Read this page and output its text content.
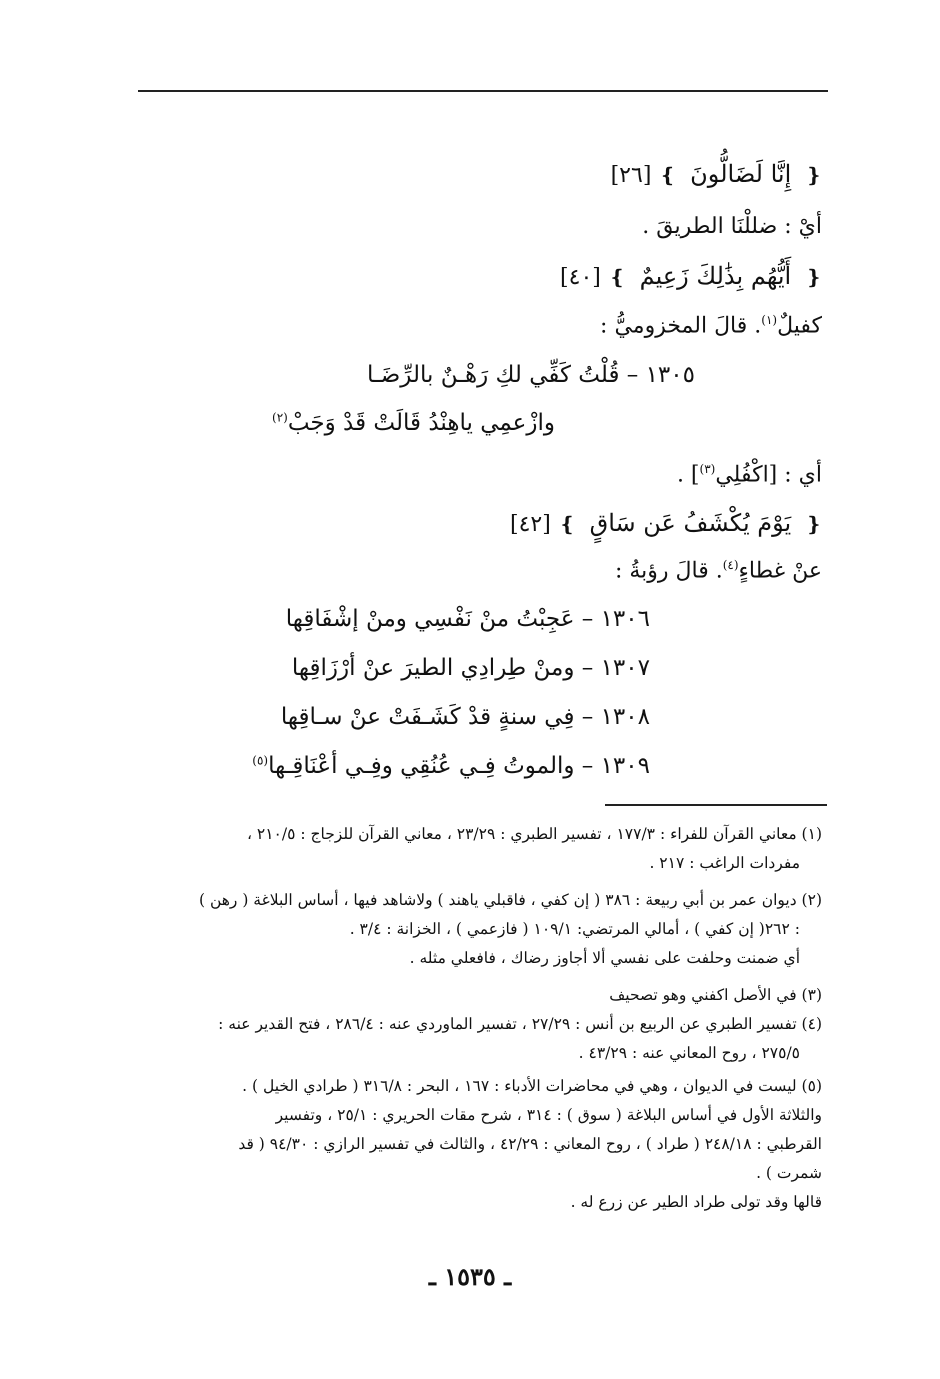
❴إِنَّا لَضَالُّونَ❵[٢٦]
أيْ : ضللْنَا الطريقَ .
❴أَيُّهُم بِذَٰلِكَ زَعِيمٌ❵[٤٠]
كفيلٌ$^{(١)}$. قالَ المخزوميُّ :
١٣٠٥ – قُلْتُ كَفِّي لكِ رَهْـنٌ بالرِّضَـا
وازْعمِي ياهِنْدُ قَالَتْ قَدْ وَجَبْ$^{(٢)}$
أي : [اكْفُلِي$^{(٣)}$] .
❴يَوْمَ يُكْشَفُ عَن سَاقٍ❵[٤٢]
عنْ غطاءٍ$^{(٤)}$. قالَ رؤبةُ :
١٣٠٦ – عَجِبْتُ منْ نَفْسِي ومنْ إشْفَاقِها
١٣٠٧ – ومنْ طِرادِي الطيرَ عنْ أرْزَاقِها
١٣٠٨ – فِي سنةٍ قدْ كَشَـفَتْ عنْ سـاقِها
١٣٠٩ – والموتُ فِـي عُنُقِي وفِـي أعْنَاقِـها$^{(٥)}$
(١) معاني القرآن للفراء : ١٧٧/٣ ، تفسير الطبري : ٢٣/٢٩ ، معاني القرآن للزجاج : ٢١٠/٥ ،
مفردات الراغب : ٢١٧ .
(٢) ديوان عمر بن أبي ربيعة : ٣٨٦ ( إن كفي ، فاقبلي ياهند ) ولاشاهد فيها ، أساس البلاغة ( رهن )
: ٢٦٢( إن كفي ) ، أمالي المرتضي: ١٠٩/١ ( فازعمي ) ، الخزانة : ٣/٤ .
أي ضمنت وحلفت على نفسي ألا أجاوز رضاك ، فافعلي مثله .
(٣) في الأصل اكفني وهو تصحيف
(٤) تفسير الطبري عن الربيع بن أنس : ٢٧/٢٩ ، تفسير الماوردي عنه : ٢٨٦/٤ ، فتح القدير عنه :
٢٧٥/٥ ، روح المعاني عنه : ٤٣/٢٩ .
(٥) ليست في الديوان ، وهي في محاضرات الأدباء : ١٦٧ ، البحر : ٣١٦/٨ ( طرادي الخيل ) .
والثلاثة الأول في أساس البلاغة ( سوق ) : ٣١٤ ، شرح مقات الحريري : ٢٥/١ ، وتفسير
القرطبي : ٢٤٨/١٨ ( طراد ) ، روح المعاني : ٤٢/٢٩ ، والثالث في تفسير الرازي : ٩٤/٣٠ ( قد
شمرت ) .
قالها وقد تولى طراد الطير عن زرع له .
ـ ١٥٣٥ ـ
